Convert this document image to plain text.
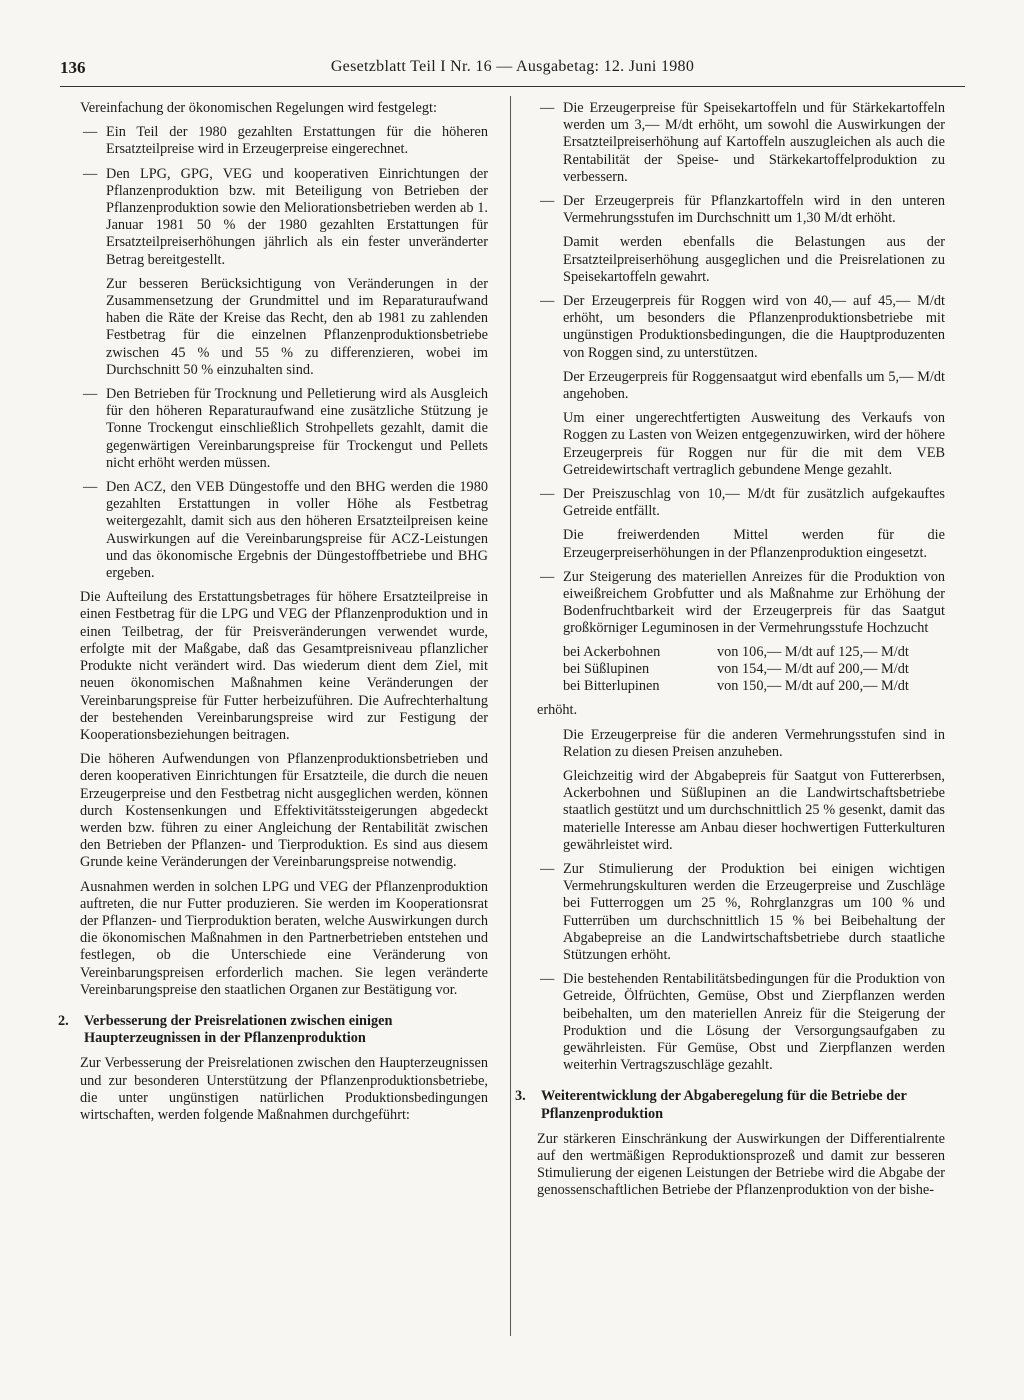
136	Gesetzblatt Teil I Nr. 16 — Ausgabetag: 12. Juni 1980

Vereinfachung der ökonomischen Regelungen wird festgelegt:

— Ein Teil der 1980 gezahlten Erstattungen für die höheren Ersatzteilpreise wird in Erzeugerpreise eingerechnet.

— Den LPG, GPG, VEG und kooperativen Einrichtungen der Pflanzenproduktion bzw. mit Beteiligung von Betrieben der Pflanzenproduktion sowie den Meliorationsbetrieben werden ab 1. Januar 1981 50 % der 1980 gezahlten Erstattungen für Ersatzteilpreiserhöhungen jährlich als ein fester unveränderter Betrag bereitgestellt.

Zur besseren Berücksichtigung von Veränderungen in der Zusammensetzung der Grundmittel und im Reparaturaufwand haben die Räte der Kreise das Recht, den ab 1981 zu zahlenden Festbetrag für die einzelnen Pflanzenproduktionsbetriebe zwischen 45 % und 55 % zu differenzieren, wobei im Durchschnitt 50 % einzuhalten sind.

— Den Betrieben für Trocknung und Pelletierung wird als Ausgleich für den höheren Reparaturaufwand eine zusätzliche Stützung je Tonne Trockengut einschließlich Strohpellets gezahlt, damit die gegenwärtigen Vereinbarungspreise für Trockengut und Pellets nicht erhöht werden müssen.

— Den ACZ, den VEB Düngestoffe und den BHG werden die 1980 gezahlten Erstattungen in voller Höhe als Festbetrag weitergezahlt, damit sich aus den höheren Ersatzteilpreisen keine Auswirkungen auf die Vereinbarungspreise für ACZ-Leistungen und das ökonomische Ergebnis der Düngestoffbetriebe und BHG ergeben.

Die Aufteilung des Erstattungsbetrages für höhere Ersatzteilpreise in einen Festbetrag für die LPG und VEG der Pflanzenproduktion und in einen Teilbetrag, der für Preisveränderungen verwendet wurde, erfolgte mit der Maßgabe, daß das Gesamtpreisniveau pflanzlicher Produkte nicht verändert wird. Das wiederum dient dem Ziel, mit neuen ökonomischen Maßnahmen keine Veränderungen der Vereinbarungspreise für Futter herbeizuführen. Die Aufrechterhaltung der bestehenden Vereinbarungspreise wird zur Festigung der Kooperationsbeziehungen beitragen.

Die höheren Aufwendungen von Pflanzenproduktionsbetrieben und deren kooperativen Einrichtungen für Ersatzteile, die durch die neuen Erzeugerpreise und den Festbetrag nicht ausgeglichen werden, können durch Kostensenkungen und Effektivitätssteigerungen abgedeckt werden bzw. führen zu einer Angleichung der Rentabilität zwischen den Betrieben der Pflanzen- und Tierproduktion. Es sind aus diesem Grunde keine Veränderungen der Vereinbarungspreise notwendig.

Ausnahmen werden in solchen LPG und VEG der Pflanzenproduktion auftreten, die nur Futter produzieren. Sie werden im Kooperationsrat der Pflanzen- und Tierproduktion beraten, welche Auswirkungen durch die ökonomischen Maßnahmen in den Partnerbetrieben entstehen und festlegen, ob die Unterschiede eine Veränderung von Vereinbarungspreisen erforderlich machen. Sie legen veränderte Vereinbarungspreise den staatlichen Organen zur Bestätigung vor.

2. Verbesserung der Preisrelationen zwischen einigen Haupterzeugnissen in der Pflanzenproduktion

Zur Verbesserung der Preisrelationen zwischen den Haupterzeugnissen und zur besonderen Unterstützung der Pflanzenproduktionsbetriebe, die unter ungünstigen natürlichen Produktionsbedingungen wirtschaften, werden folgende Maßnahmen durchgeführt:

— Die Erzeugerpreise für Speisekartoffeln und für Stärkekartoffeln werden um 3,— M/dt erhöht, um sowohl die Auswirkungen der Ersatzteilpreiserhöhung auf Kartoffeln auszugleichen als auch die Rentabilität der Speise- und Stärkekartoffelproduktion zu verbessern.

— Der Erzeugerpreis für Pflanzkartoffeln wird in den unteren Vermehrungsstufen im Durchschnitt um 1,30 M/dt erhöht.

Damit werden ebenfalls die Belastungen aus der Ersatzteilpreiserhöhung ausgeglichen und die Preisrelationen zu Speisekartoffeln gewahrt.

— Der Erzeugerpreis für Roggen wird von 40,— auf 45,— M/dt erhöht, um besonders die Pflanzenproduktionsbetriebe mit ungünstigen Produktionsbedingungen, die die Hauptproduzenten von Roggen sind, zu unterstützen.

Der Erzeugerpreis für Roggensaatgut wird ebenfalls um 5,— M/dt angehoben.

Um einer ungerechtfertigten Ausweitung des Verkaufs von Roggen zu Lasten von Weizen entgegenzuwirken, wird der höhere Erzeugerpreis für Roggen nur für die mit dem VEB Getreidewirtschaft vertraglich gebundene Menge gezahlt.

— Der Preiszuschlag von 10,— M/dt für zusätzlich aufgekauftes Getreide entfällt.

Die freiwerdenden Mittel werden für die Erzeugerpreiserhöhungen in der Pflanzenproduktion eingesetzt.

— Zur Steigerung des materiellen Anreizes für die Produktion von eiweißreichem Grobfutter und als Maßnahme zur Erhöhung der Bodenfruchtbarkeit wird der Erzeugerpreis für das Saatgut großkörniger Leguminosen in der Vermehrungsstufe Hochzucht

bei Ackerbohnen	von 106,— M/dt auf 125,— M/dt
bei Süßlupinen	von 154,— M/dt auf 200,— M/dt
bei Bitterlupinen	von 150,— M/dt auf 200,— M/dt

erhöht.

Die Erzeugerpreise für die anderen Vermehrungsstufen sind in Relation zu diesen Preisen anzuheben.

Gleichzeitig wird der Abgabepreis für Saatgut von Futtererbsen, Ackerbohnen und Süßlupinen an die Landwirtschaftsbetriebe staatlich gestützt und um durchschnittlich 25 % gesenkt, damit das materielle Interesse am Anbau dieser hochwertigen Futterkulturen gewährleistet wird.

— Zur Stimulierung der Produktion bei einigen wichtigen Vermehrungskulturen werden die Erzeugerpreise und Zuschläge bei Futterroggen um 25 %, Rohrglanzgras um 100 % und Futterrüben um durchschnittlich 15 % bei Beibehaltung der Abgabepreise an die Landwirtschaftsbetriebe durch staatliche Stützungen erhöht.

— Die bestehenden Rentabilitätsbedingungen für die Produktion von Getreide, Ölfrüchten, Gemüse, Obst und Zierpflanzen werden beibehalten, um den materiellen Anreiz für die Steigerung der Produktion und die Lösung der Versorgungsaufgaben zu gewährleisten. Für Gemüse, Obst und Zierpflanzen werden weiterhin Vertragszuschläge gezahlt.

3. Weiterentwicklung der Abgaberegelung für die Betriebe der Pflanzenproduktion

Zur stärkeren Einschränkung der Auswirkungen der Differentialrente auf den wertmäßigen Reproduktionsprozeß und damit zur besseren Stimulierung der eigenen Leistungen der Betriebe wird die Abgabe der genossenschaftlichen Betriebe der Pflanzenproduktion von der bishe-
